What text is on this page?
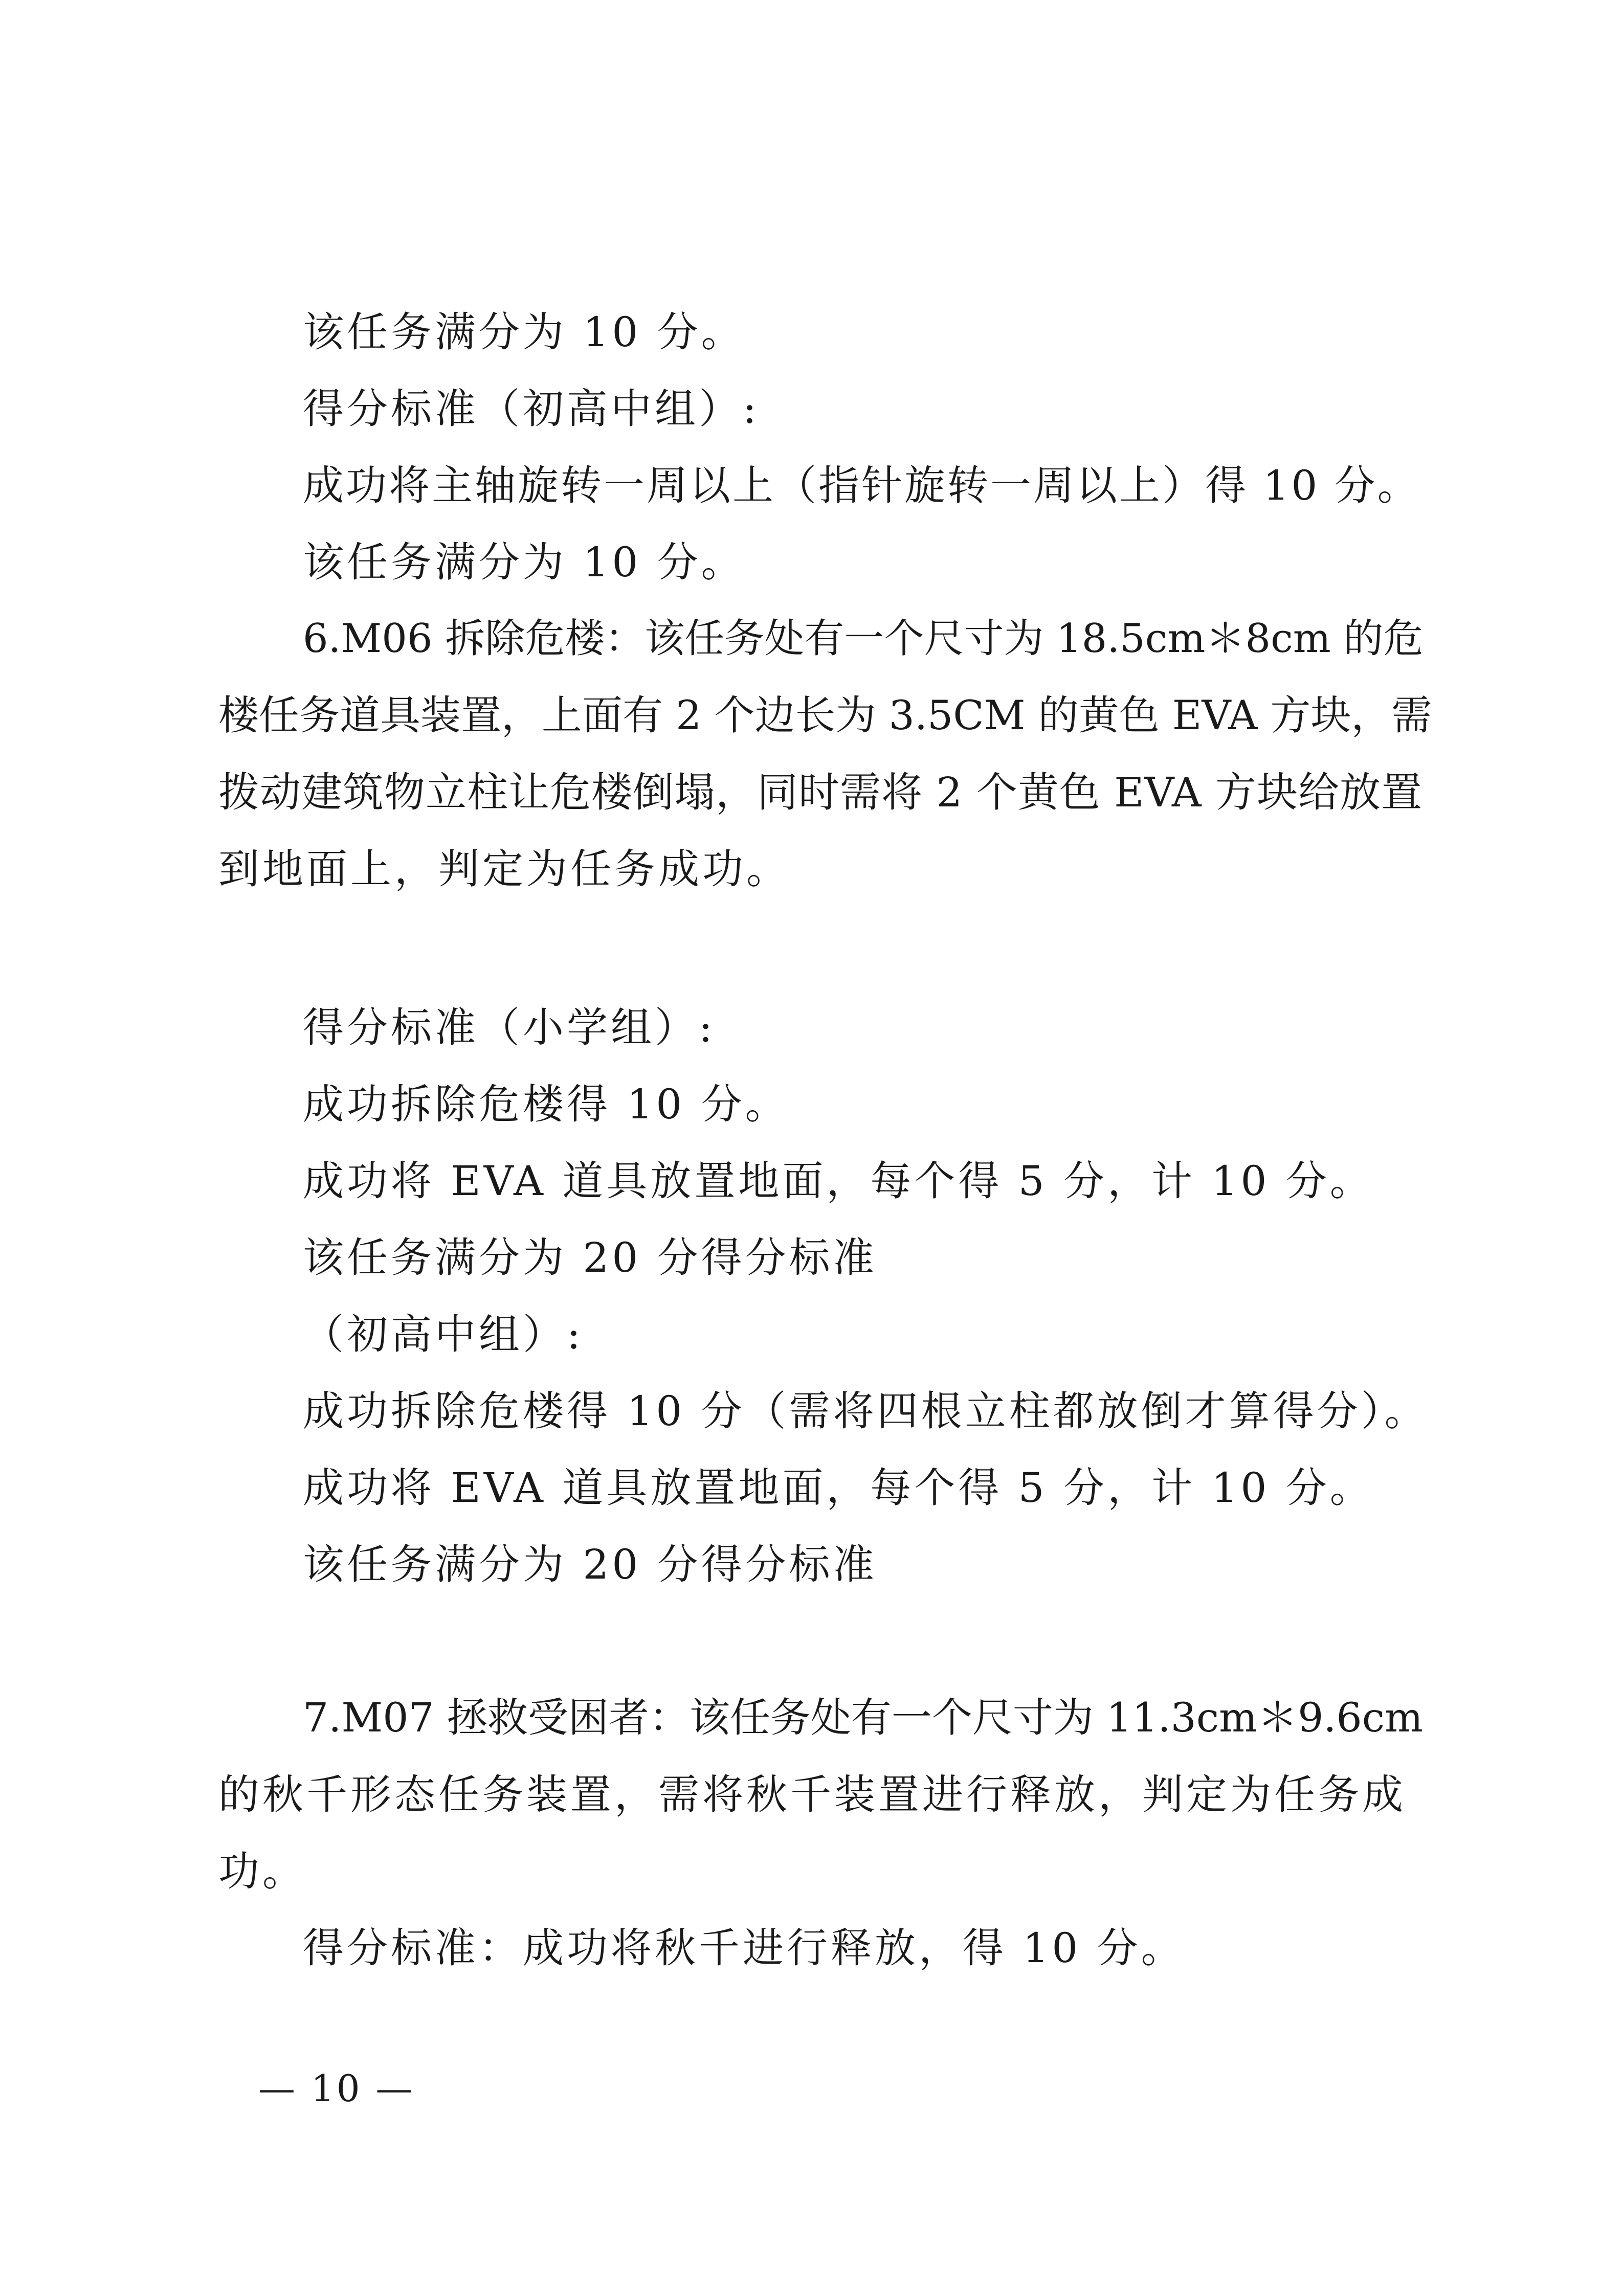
该任务满分为 10 分。
得分标准（初高中组）:
成功将主轴旋转一周以上（指针旋转一周以上）得 10 分。
该任务满分为 10 分。
6.M06 拆除危楼：该任务处有一个尺寸为 18.5cm＊8cm 的危
楼任务道具装置，上面有 2 个边长为 3.5CM 的黄色 EVA 方块，需
拨动建筑物立柱让危楼倒塌，同时需将 2 个黄色 EVA 方块给放置
到地面上，判定为任务成功。
得分标准（小学组）:
成功拆除危楼得 10 分。
成功将 EVA 道具放置地面，每个得 5 分，计 10 分。
该任务满分为 20 分得分标准
（初高中组）:
成功拆除危楼得 10 分（需将四根立柱都放倒才算得分）。
成功将 EVA 道具放置地面，每个得 5 分，计 10 分。
该任务满分为 20 分得分标准
7.M07 拯救受困者：该任务处有一个尺寸为 11.3cm＊9.6cm
的秋千形态任务装置，需将秋千装置进行释放，判定为任务成
功。
得分标准：成功将秋千进行释放，得 10 分。
— 10 —
